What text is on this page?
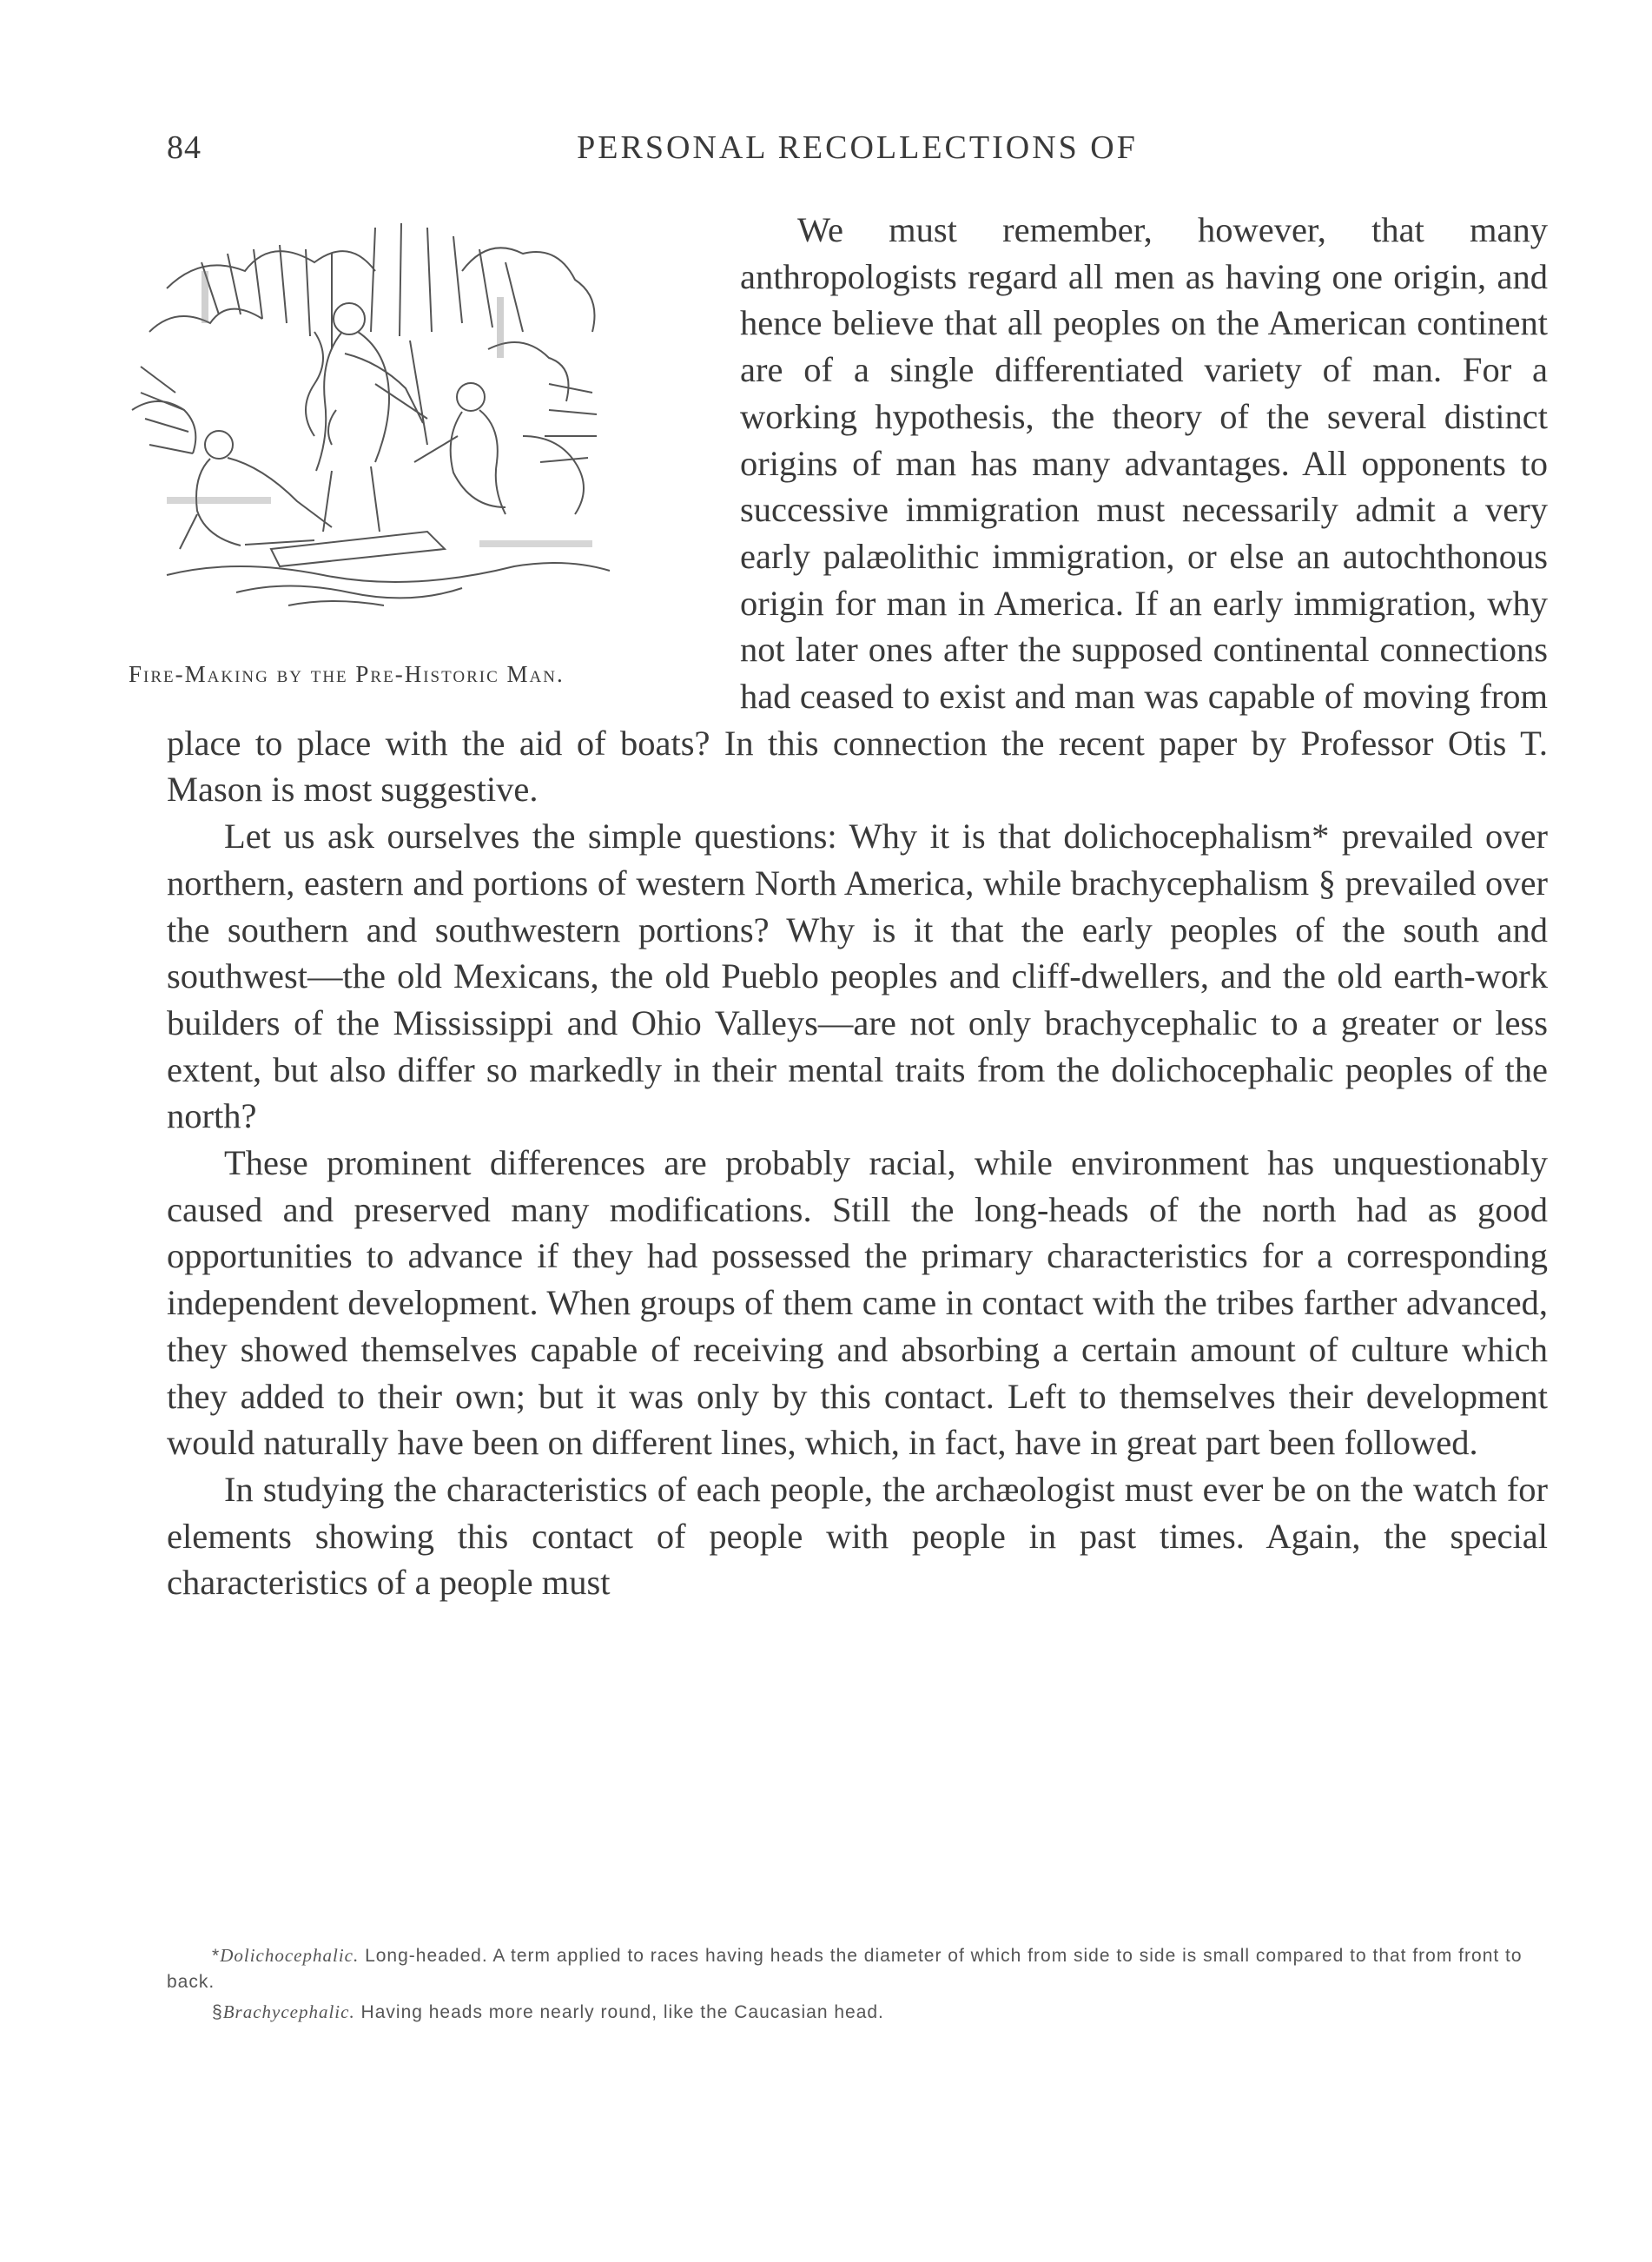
84	PERSONAL RECOLLECTIONS OF

Fire-Making by the Pre-Historic Man.
We must remember, however, that many anthropologists regard all men as having one origin, and hence believe that all peoples on the American continent are of a single differentiated variety of man. For a working hypothesis, the theory of the several distinct origins of man has many advantages. All opponents to successive immigration must necessarily admit a very early palæolithic immigration, or else an autochthonous origin for man in America. If an early immigration, why not later ones after the supposed continental connections had ceased to exist and man was capable of moving from place to place with the aid of boats? In this connection the recent paper by Professor Otis T. Mason is most suggestive.

Let us ask ourselves the simple questions: Why it is that dolichocephalism* prevailed over northern, eastern and portions of western North America, while brachycephalism § prevailed over the southern and southwestern portions? Why is it that the early peoples of the south and southwest—the old Mexicans, the old Pueblo peoples and cliff-dwellers, and the old earth-work builders of the Mississippi and Ohio Valleys—are not only brachycephalic to a greater or less extent, but also differ so markedly in their mental traits from the dolichocephalic peoples of the north?

These prominent differences are probably racial, while environment has unquestionably caused and preserved many modifications. Still the long-heads of the north had as good opportunities to advance if they had possessed the primary characteristics for a corresponding independent development. When groups of them came in contact with the tribes farther advanced, they showed themselves capable of receiving and absorbing a certain amount of culture which they added to their own; but it was only by this contact. Left to themselves their development would naturally have been on different lines, which, in fact, have in great part been followed.

In studying the characteristics of each people, the archæologist must ever be on the watch for elements showing this contact of people with people in past times. Again, the special characteristics of a people must

*Dolichocephalic. Long-headed. A term applied to races having heads the diameter of which from side to side is small compared to that from front to back.

§Brachycephalic. Having heads more nearly round, like the Caucasian head.
